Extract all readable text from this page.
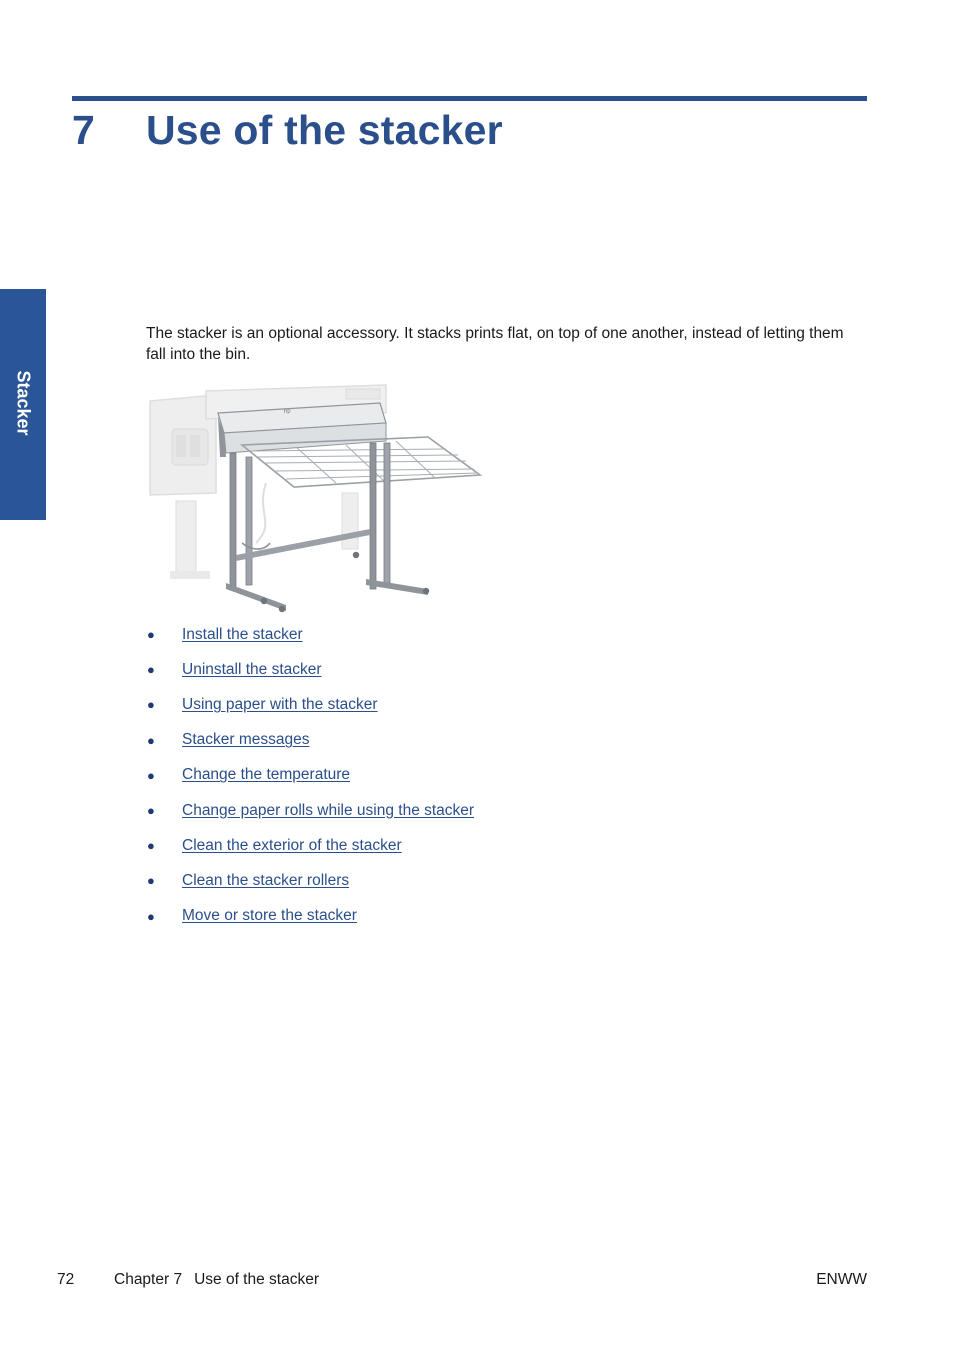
7	Use of the stacker
Stacker

The stacker is an optional accessory. It stacks prints flat, on top of one another, instead of letting them fall into the bin.

hp
●	Install the stacker
●	Uninstall the stacker
●	Using paper with the stacker
●	Stacker messages
●	Change the temperature
●	Change paper rolls while using the stacker
●	Clean the exterior of the stacker
●	Clean the stacker rollers
●	Move or store the stacker
72	Chapter 7 Use of the stacker	ENWW
